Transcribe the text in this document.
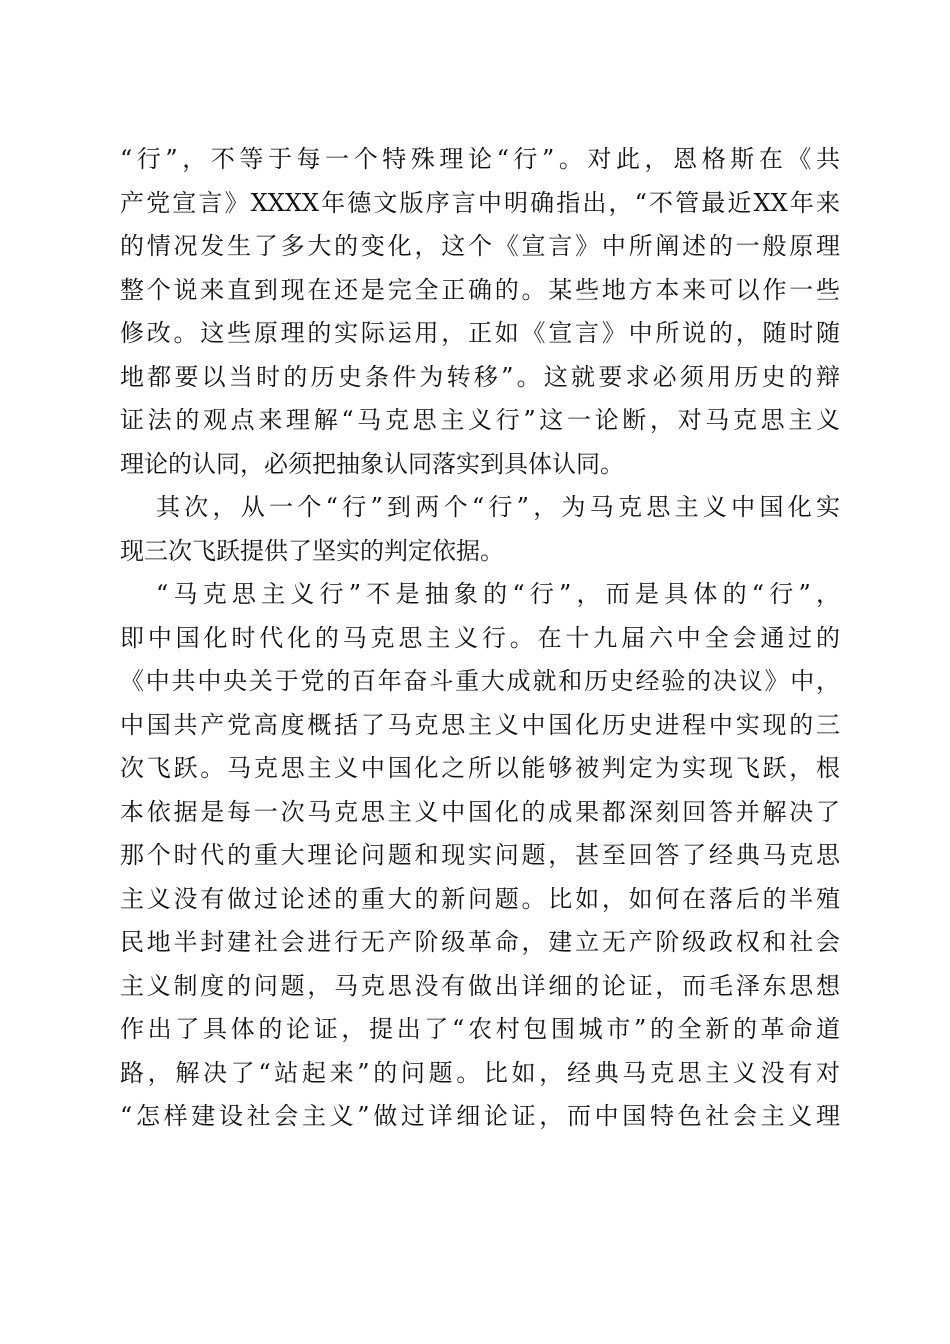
“行”，不等于每一个特殊理论“行”。对此，恩格斯在《共
产党宣言》XXXX年德文版序言中明确指出，“不管最近XX年来
的情况发生了多大的变化，这个《宣言》中所阐述的一般原理
整个说来直到现在还是完全正确的。某些地方本来可以作一些
修改。这些原理的实际运用，正如《宣言》中所说的，随时随
地都要以当时的历史条件为转移”。这就要求必须用历史的辩
证法的观点来理解“马克思主义行”这一论断，对马克思主义
理论的认同，必须把抽象认同落实到具体认同。
其次，从一个“行”到两个“行”，为马克思主义中国化实
现三次飞跃提供了坚实的判定依据。
“马克思主义行”不是抽象的“行”，而是具体的“行”，
即中国化时代化的马克思主义行。在十九届六中全会通过的
《中共中央关于党的百年奋斗重大成就和历史经验的决议》中，
中国共产党高度概括了马克思主义中国化历史进程中实现的三
次飞跃。马克思主义中国化之所以能够被判定为实现飞跃，根
本依据是每一次马克思主义中国化的成果都深刻回答并解决了
那个时代的重大理论问题和现实问题，甚至回答了经典马克思
主义没有做过论述的重大的新问题。比如，如何在落后的半殖
民地半封建社会进行无产阶级革命，建立无产阶级政权和社会
主义制度的问题，马克思没有做出详细的论证，而毛泽东思想
作出了具体的论证，提出了“农村包围城市”的全新的革命道
路，解决了“站起来”的问题。比如，经典马克思主义没有对
“怎样建设社会主义”做过详细论证，而中国特色社会主义理
